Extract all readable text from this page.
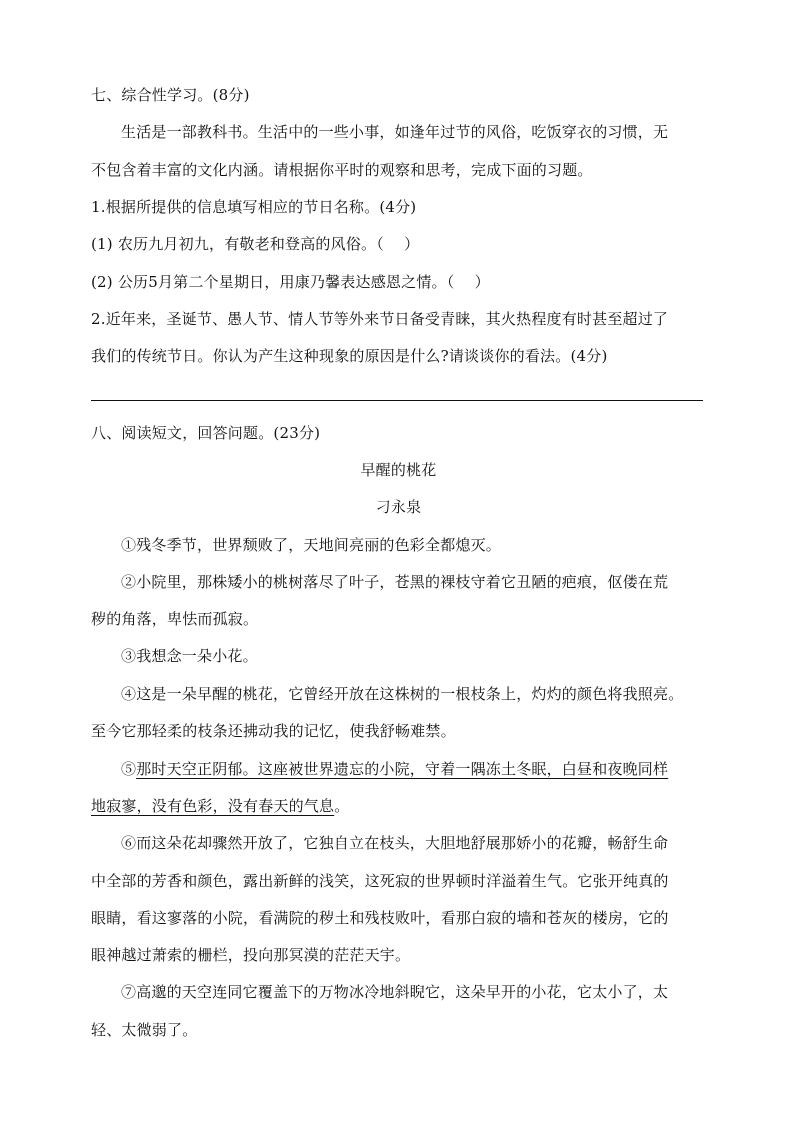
七、综合性学习。(8分)
生活是一部教科书。生活中的一些小事，如逢年过节的风俗，吃饭穿衣的习惯，无
不包含着丰富的文化内涵。请根据你平时的观察和思考，完成下面的习题。
1.根据所提供的信息填写相应的节日名称。(4分)
(1) 农历九月初九，有敬老和登高的风俗。（　 ）
(2) 公历5月第二个星期日，用康乃馨表达感恩之情。（　 ）
2.近年来，圣诞节、愚人节、情人节等外来节日备受青睐，其火热程度有时甚至超过了
我们的传统节日。你认为产生这种现象的原因是什么?请谈谈你的看法。(4分)
八、阅读短文，回答问题。(23分)
早醒的桃花
刁永泉
①残冬季节，世界颓败了，天地间亮丽的色彩全都熄灭。
②小院里，那株矮小的桃树落尽了叶子，苍黑的裸枝守着它丑陋的疤痕，伛偻在荒
秽的角落，卑怯而孤寂。
③我想念一朵小花。
④这是一朵早醒的桃花，它曾经开放在这株树的一根枝条上，灼灼的颜色将我照亮。
至今它那轻柔的枝条还拂动我的记忆，使我舒畅难禁。
⑤那时天空正阴郁。这座被世界遗忘的小院，守着一隅冻土冬眠，白昼和夜晚同样
地寂寥，没有色彩，没有春天的气息。
⑥而这朵花却骤然开放了，它独自立在枝头，大胆地舒展那娇小的花瓣，畅舒生命
中全部的芳香和颜色，露出新鲜的浅笑，这死寂的世界顿时洋溢着生气。它张开纯真的
眼睛，看这寥落的小院，看满院的秽土和残枝败叶，看那白寂的墙和苍灰的楼房，它的
眼神越过萧索的栅栏，投向那冥漠的茫茫天宇。
⑦高邈的天空连同它覆盖下的万物冰冷地斜睨它，这朵早开的小花，它太小了，太
轻、太微弱了。
